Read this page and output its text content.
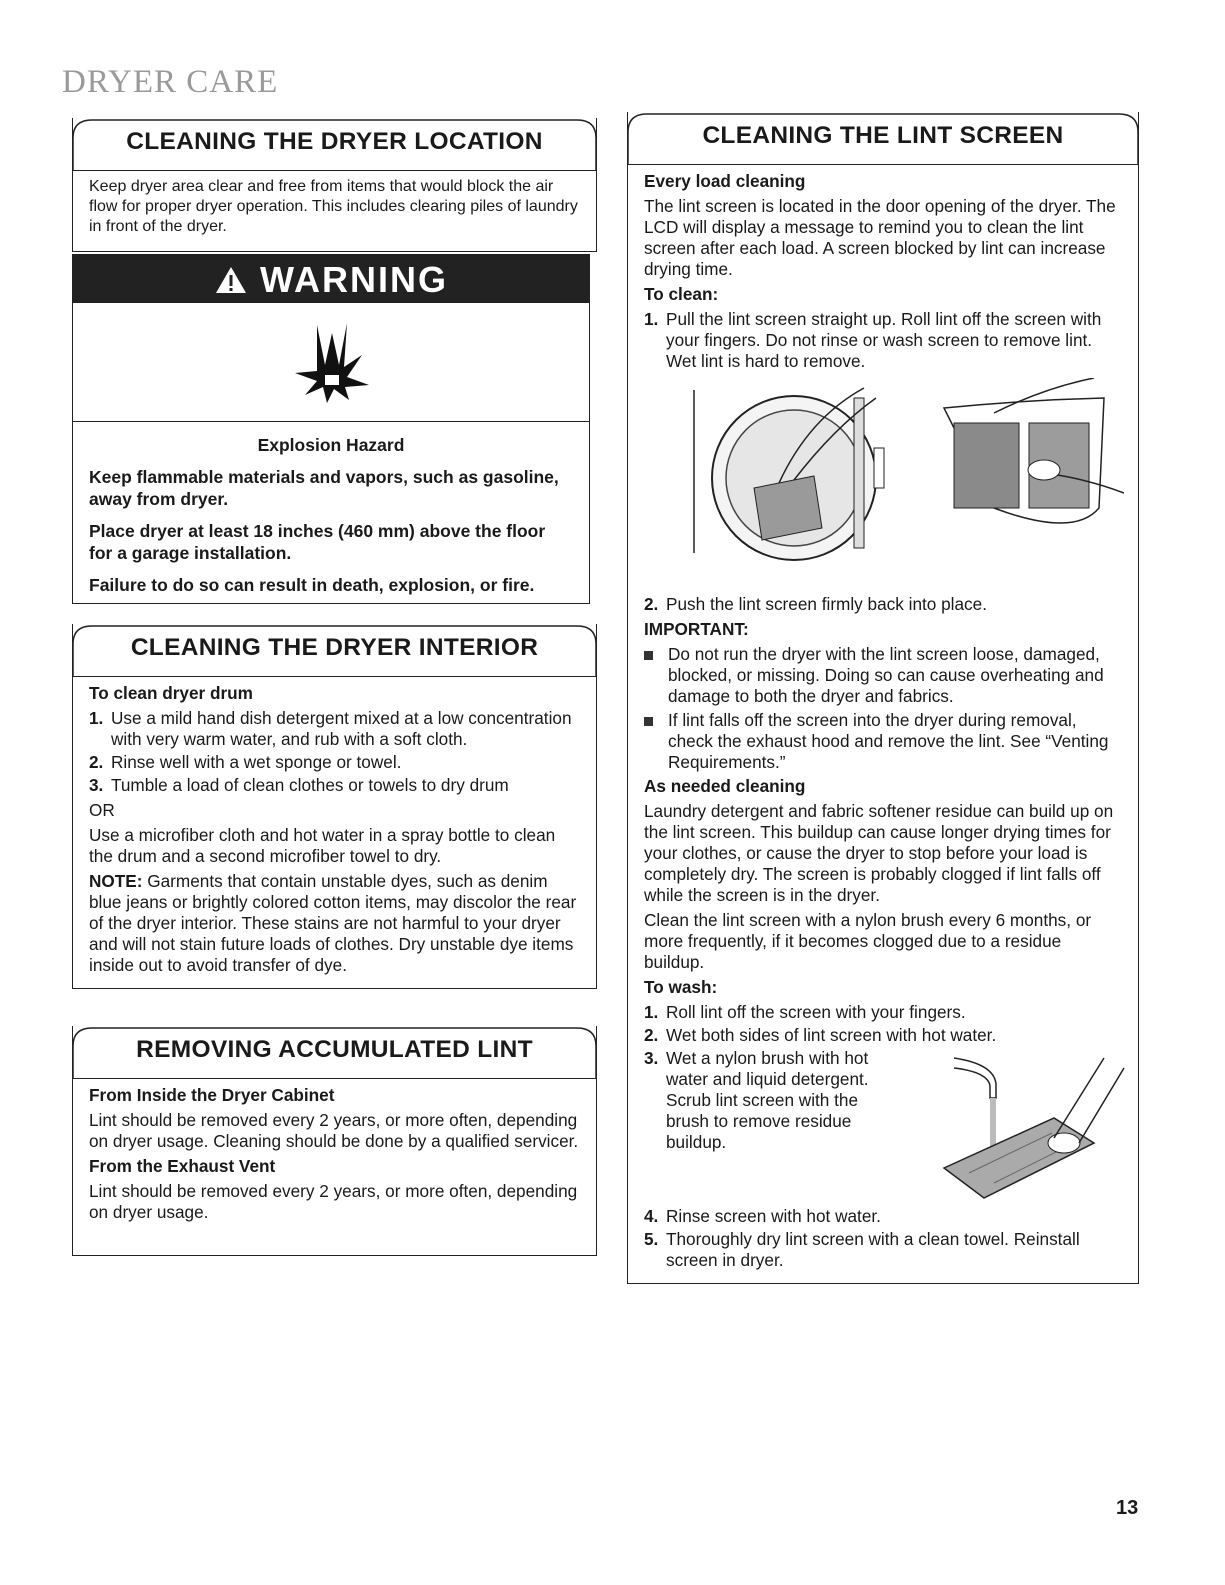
DRYER CARE
CLEANING THE DRYER LOCATION

Keep dryer area clear and free from items that would block the air flow for proper dryer operation. This includes clearing piles of laundry in front of the dryer.

WARNING

Explosion Hazard

Keep flammable materials and vapors, such as gasoline, away from dryer.

Place dryer at least 18 inches (460 mm) above the floor for a garage installation.

Failure to do so can result in death, explosion, or fire.

CLEANING THE DRYER INTERIOR

To clean dryer drum

1. Use a mild hand dish detergent mixed at a low concentration with very warm water, and rub with a soft cloth.
2. Rinse well with a wet sponge or towel.
3. Tumble a load of clean clothes or towels to dry drum

OR

Use a microfiber cloth and hot water in a spray bottle to clean the drum and a second microfiber towel to dry.

NOTE: Garments that contain unstable dyes, such as denim blue jeans or brightly colored cotton items, may discolor the rear of the dryer interior. These stains are not harmful to your dryer and will not stain future loads of clothes. Dry unstable dye items inside out to avoid transfer of dye.

REMOVING ACCUMULATED LINT

From Inside the Dryer Cabinet

Lint should be removed every 2 years, or more often, depending on dryer usage. Cleaning should be done by a qualified servicer.

From the Exhaust Vent

Lint should be removed every 2 years, or more often, depending on dryer usage.

CLEANING THE LINT SCREEN

Every load cleaning

The lint screen is located in the door opening of the dryer. The LCD will display a message to remind you to clean the lint screen after each load. A screen blocked by lint can increase drying time.

To clean:

1. Pull the lint screen straight up. Roll lint off the screen with your fingers. Do not rinse or wash screen to remove lint. Wet lint is hard to remove.
2. Push the lint screen firmly back into place.

IMPORTANT:

Do not run the dryer with the lint screen loose, damaged, blocked, or missing. Doing so can cause overheating and damage to both the dryer and fabrics.
If lint falls off the screen into the dryer during removal, check the exhaust hood and remove the lint. See “Venting Requirements.”

As needed cleaning

Laundry detergent and fabric softener residue can build up on the lint screen. This buildup can cause longer drying times for your clothes, or cause the dryer to stop before your load is completely dry. The screen is probably clogged if lint falls off while the screen is in the dryer.

Clean the lint screen with a nylon brush every 6 months, or more frequently, if it becomes clogged due to a residue buildup.

To wash:

1. Roll lint off the screen with your fingers.
2. Wet both sides of lint screen with hot water.
3. Wet a nylon brush with hot water and liquid detergent. Scrub lint screen with the brush to remove residue buildup.
4. Rinse screen with hot water.
5. Thoroughly dry lint screen with a clean towel. Reinstall screen in dryer.
13
